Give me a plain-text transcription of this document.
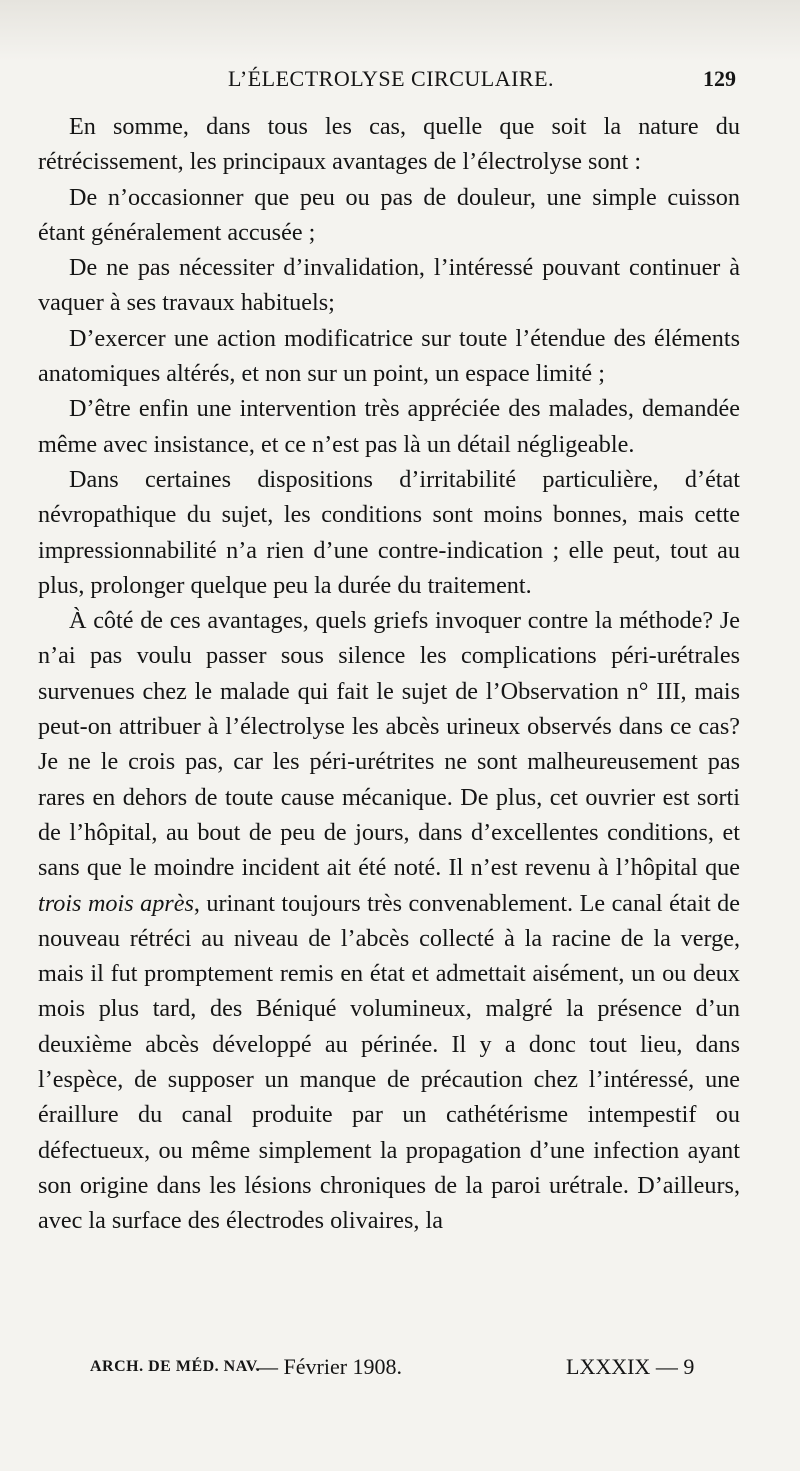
L’ÉLECTROLYSE CIRCULAIRE.	129

En somme, dans tous les cas, quelle que soit la nature du rétrécissement, les principaux avantages de l’électrolyse sont :

De n’occasionner que peu ou pas de douleur, une simple cuisson étant généralement accusée ;

De ne pas nécessiter d’invalidation, l’intéressé pouvant continuer à vaquer à ses travaux habituels;

D’exercer une action modificatrice sur toute l’étendue des éléments anatomiques altérés, et non sur un point, un espace limité ;

D’être enfin une intervention très appréciée des malades, demandée même avec insistance, et ce n’est pas là un détail négligeable.

Dans certaines dispositions d’irritabilité particulière, d’état névropathique du sujet, les conditions sont moins bonnes, mais cette impressionnabilité n’a rien d’une contre-indication ; elle peut, tout au plus, prolonger quelque peu la durée du traitement.

À côté de ces avantages, quels griefs invoquer contre la méthode? Je n’ai pas voulu passer sous silence les complications péri-urétrales survenues chez le malade qui fait le sujet de l’Observation n° III, mais peut-on attribuer à l’électrolyse les abcès urineux observés dans ce cas? Je ne le crois pas, car les péri-urétrites ne sont malheureusement pas rares en dehors de toute cause mécanique. De plus, cet ouvrier est sorti de l’hôpital, au bout de peu de jours, dans d’excellentes conditions, et sans que le moindre incident ait été noté. Il n’est revenu à l’hôpital que trois mois après, urinant toujours très convenablement. Le canal était de nouveau rétréci au niveau de l’abcès collecté à la racine de la verge, mais il fut promptement remis en état et admettait aisément, un ou deux mois plus tard, des Béniqué volumineux, malgré la présence d’un deuxième abcès développé au périnée. Il y a donc tout lieu, dans l’espèce, de supposer un manque de précaution chez l’intéressé, une éraillure du canal produite par un cathétérisme intempestif ou défectueux, ou même simplement la propagation d’une infection ayant son origine dans les lésions chroniques de la paroi urétrale. D’ailleurs, avec la surface des électrodes olivaires, la

ARCH. DE MÉD. NAV.
— Février 1908.	LXXXIX — 9
